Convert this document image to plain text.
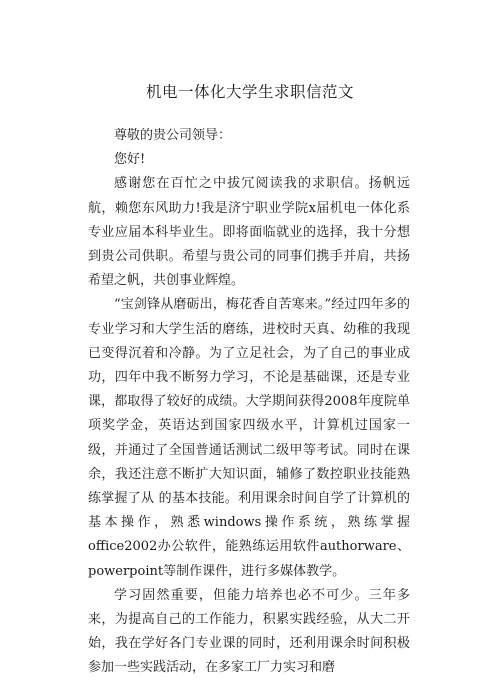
机电一体化大学生求职信范文

尊敬的贵公司领导：

您好!

感谢您在百忙之中拔冗阅读我的求职信。扬帆远航，赖您东风助力!我是济宁职业学院x届机电一体化系专业应届本科毕业生。即将面临就业的选择，我十分想到贵公司供职。希望与贵公司的同事们携手并肩，共扬希望之帆，共创事业辉煌。

“宝剑锋从磨砺出，梅花香自苦寒来。”经过四年多的专业学习和大学生活的磨练，进校时天真、幼稚的我现已变得沉着和冷静。为了立足社会，为了自己的事业成功，四年中我不断努力学习，不论是基础课，还是专业课，都取得了较好的成绩。大学期间获得2008年度院单项奖学金，英语达到国家四级水平，计算机过国家一级，并通过了全国普通话测试二级甲等考试。同时在课余，我还注意不断扩大知识面，辅修了数控职业技能熟练掌握了从 的基本技能。利用课余时间自学了计算机的基本操作，熟悉windows操作系统，熟练掌握office2002办公软件，能熟练运用软件authorware、powerpoint等制作课件，进行多媒体教学。

学习固然重要，但能力培养也必不可少。三年多来，为提高自己的工作能力，积累实践经验，从大二开始，我在学好各门专业课的同时，还利用课余时间积极参加一些实践活动，在多家工厂力实习和磨
